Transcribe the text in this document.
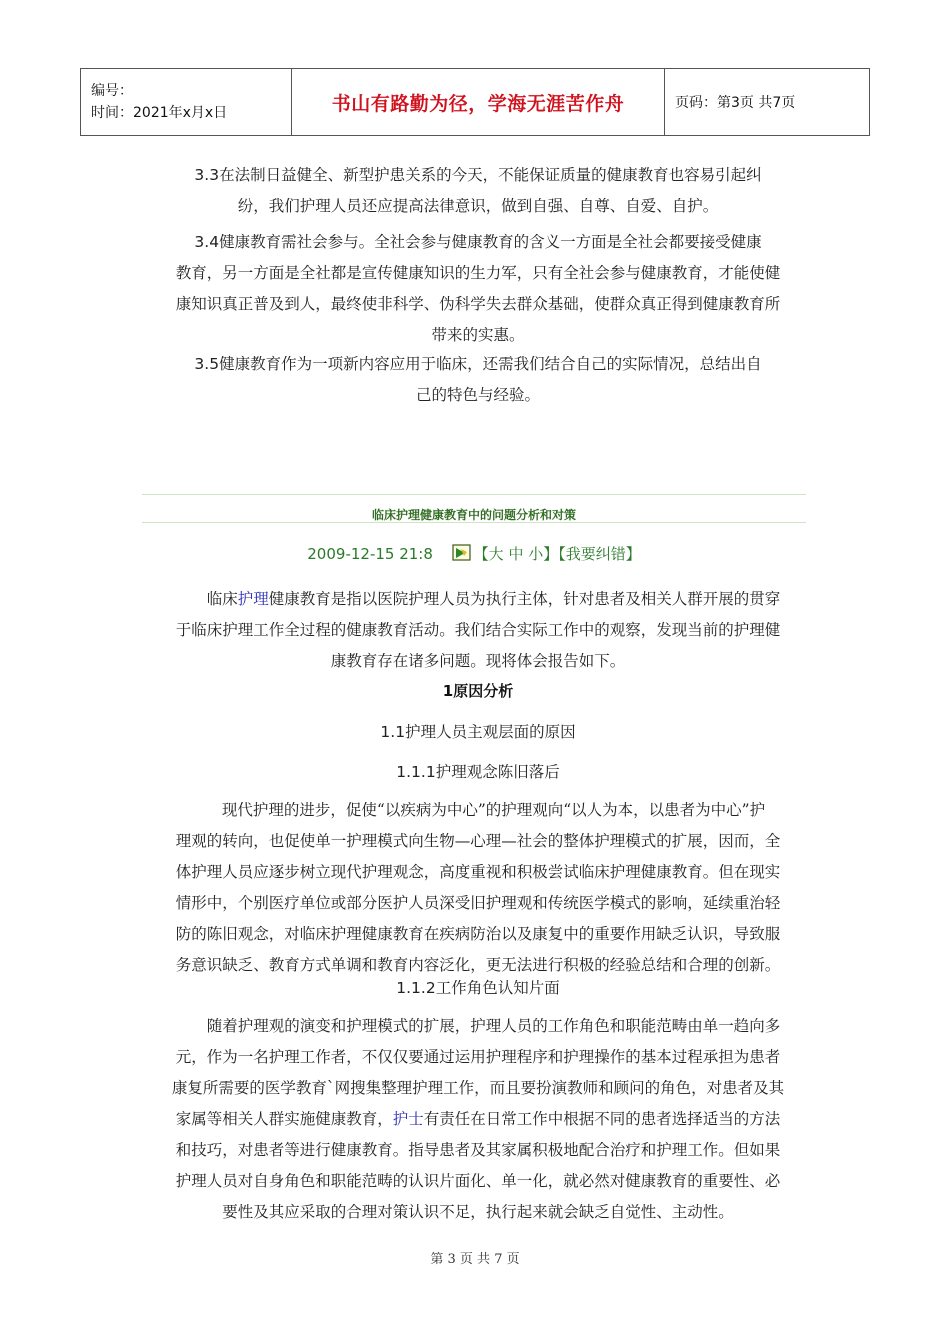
编号：
时间：2021年x月x日	书山有路勤为径，学海无涯苦作舟	页码：第3页 共7页
3.3在法制日益健全、新型护患关系的今天，不能保证质量的健康教育也容易引起纠
纷，我们护理人员还应提高法律意识，做到自强、自尊、自爱、自护。
3.4健康教育需社会参与。全社会参与健康教育的含义一方面是全社会都要接受健康
教育，另一方面是全社都是宣传健康知识的生力军，只有全社会参与健康教育，才能使健
康知识真正普及到人，最终使非科学、伪科学失去群众基础，使群众真正得到健康教育所
带来的实惠。
3.5健康教育作为一项新内容应用于临床，还需我们结合自己的实际情况，总结出自
己的特色与经验。
临床护理健康教育中的问题分析和对策
2009-12-15 21:8	【大 中 小】【我要纠错】
　　临床护理健康教育是指以医院护理人员为执行主体，针对患者及相关人群开展的贯穿
于临床护理工作全过程的健康教育活动。我们结合实际工作中的观察，发现当前的护理健
康教育存在诸多问题。现将体会报告如下。
1原因分析
1.1护理人员主观层面的原因
1.1.1护理观念陈旧落后
　　现代护理的进步，促使“以疾病为中心”的护理观向“以人为本，以患者为中心”护
理观的转向，也促使单一护理模式向生物—心理—社会的整体护理模式的扩展，因而，全
体护理人员应逐步树立现代护理观念，高度重视和积极尝试临床护理健康教育。但在现实
情形中，个别医疗单位或部分医护人员深受旧护理观和传统医学模式的影响，延续重治轻
防的陈旧观念，对临床护理健康教育在疾病防治以及康复中的重要作用缺乏认识，导致服
务意识缺乏、教育方式单调和教育内容泛化，更无法进行积极的经验总结和合理的创新。
1.1.2工作角色认知片面
　　随着护理观的演变和护理模式的扩展，护理人员的工作角色和职能范畴由单一趋向多
元，作为一名护理工作者，不仅仅要通过运用护理程序和护理操作的基本过程承担为患者
康复所需要的医学教育`网搜集整理护理工作，而且要扮演教师和顾问的角色，对患者及其
家属等相关人群实施健康教育，护士有责任在日常工作中根据不同的患者选择适当的方法
和技巧，对患者等进行健康教育。指导患者及其家属积极地配合治疗和护理工作。但如果
护理人员对自身角色和职能范畴的认识片面化、单一化，就必然对健康教育的重要性、必
要性及其应采取的合理对策认识不足，执行起来就会缺乏自觉性、主动性。
第 3 页 共 7 页
